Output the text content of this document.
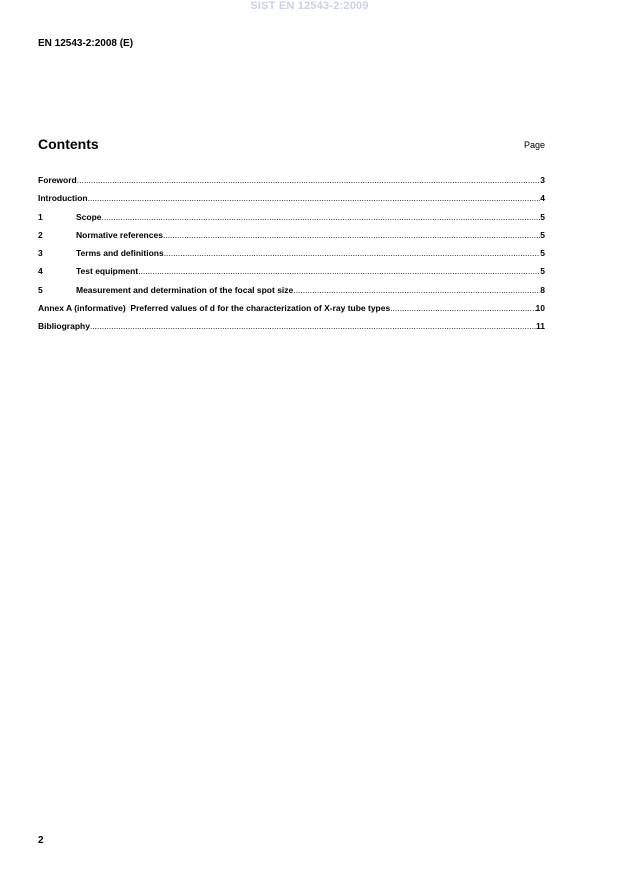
SIST EN 12543-2:2009
EN 12543-2:2008 (E)
Contents	Page
Foreword .....	3
Introduction .....	4
1	Scope .....	5
2	Normative references .....	5
3	Terms and definitions .....	5
4	Test equipment .....	5
5	Measurement and determination of the focal spot size .....	8
Annex A (informative)  Preferred values of d for the characterization of X-ray tube types .....	10
Bibliography .....	11
2
